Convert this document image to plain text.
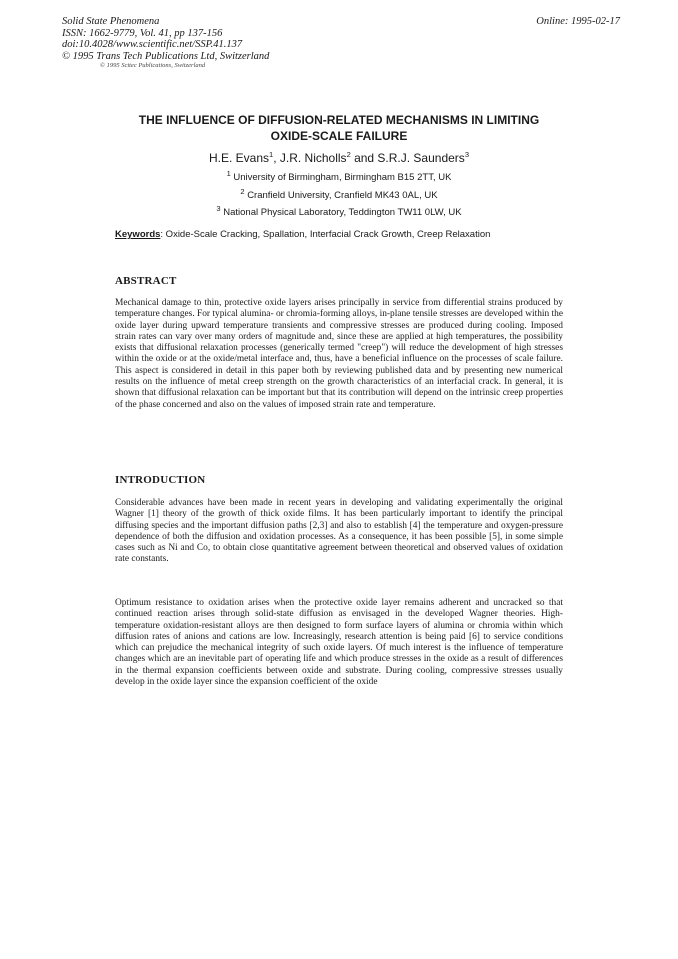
Solid State Phenomena
ISSN: 1662-9779, Vol. 41, pp 137-156
doi:10.4028/www.scientific.net/SSP.41.137
© 1995 Trans Tech Publications Ltd, Switzerland
© 1995 Scitec Publications, Switzerland
Online: 1995-02-17
THE INFLUENCE OF DIFFUSION-RELATED MECHANISMS IN LIMITING
OXIDE-SCALE FAILURE
H.E. Evans$^1$, J.R. Nicholls$^2$ and S.R.J. Saunders$^3$
$^1$ University of Birmingham, Birmingham B15 2TT, UK
$^2$ Cranfield University, Cranfield MK43 0AL, UK
$^3$ National Physical Laboratory, Teddington TW11 0LW, UK
Keywords: Oxide-Scale Cracking, Spallation, Interfacial Crack Growth, Creep Relaxation
ABSTRACT
Mechanical damage to thin, protective oxide layers arises principally in service from differential strains produced by temperature changes. For typical alumina- or chromia-forming alloys, in-plane tensile stresses are developed within the oxide layer during upward temperature transients and compressive stresses are produced during cooling. Imposed strain rates can vary over many orders of magnitude and, since these are applied at high temperatures, the possibility exists that diffusional relaxation processes (generically termed "creep") will reduce the development of high stresses within the oxide or at the oxide/metal interface and, thus, have a beneficial influence on the processes of scale failure. This aspect is considered in detail in this paper both by reviewing published data and by presenting new numerical results on the influence of metal creep strength on the growth characteristics of an interfacial crack. In general, it is shown that diffusional relaxation can be important but that its contribution will depend on the intrinsic creep properties of the phase concerned and also on the values of imposed strain rate and temperature.
INTRODUCTION
Considerable advances have been made in recent years in developing and validating experimentally the original Wagner [1] theory of the growth of thick oxide films. It has been particularly important to identify the principal diffusing species and the important diffusion paths [2,3] and also to establish [4] the temperature and oxygen-pressure dependence of both the diffusion and oxidation processes. As a consequence, it has been possible [5], in some simple cases such as Ni and Co, to obtain close quantitative agreement between theoretical and observed values of oxidation rate constants.
Optimum resistance to oxidation arises when the protective oxide layer remains adherent and uncracked so that continued reaction arises through solid-state diffusion as envisaged in the developed Wagner theories. High-temperature oxidation-resistant alloys are then designed to form surface layers of alumina or chromia within which diffusion rates of anions and cations are low. Increasingly, research attention is being paid [6] to service conditions which can prejudice the mechanical integrity of such oxide layers. Of much interest is the influence of temperature changes which are an inevitable part of operating life and which produce stresses in the oxide as a result of differences in the thermal expansion coefficients between oxide and substrate. During cooling, compressive stresses usually develop in the oxide layer since the expansion coefficient of the oxide
